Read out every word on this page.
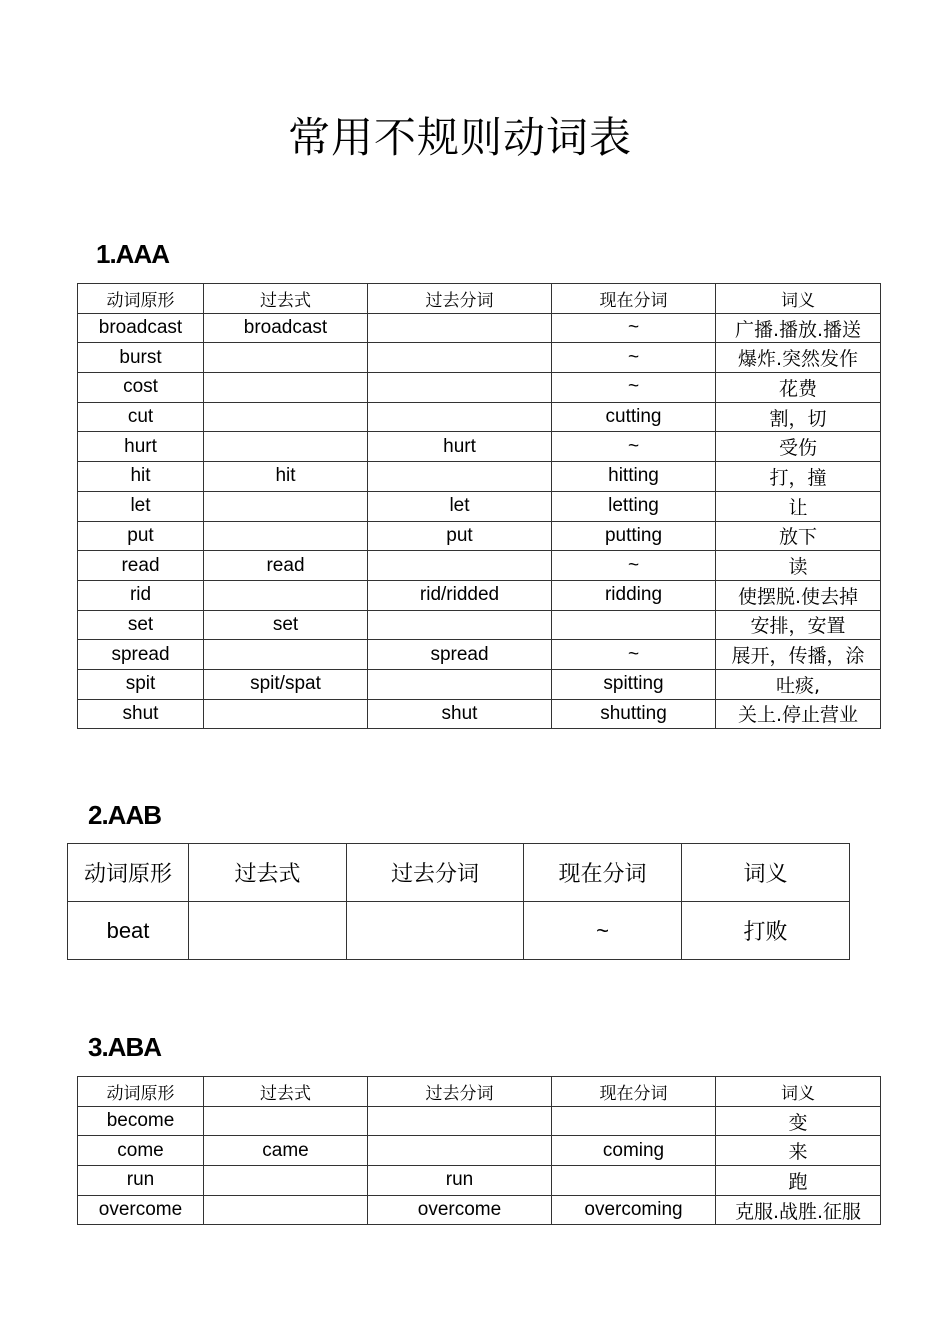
常用不规则动词表
1.AAA
动词原形	过去式	过去分词	现在分词	词义
broadcast	broadcast		~	广播.播放.播送
burst			~	爆炸.突然发作
cost			~	花费
cut			cutting	割，切
hurt		hurt	~	受伤
hit	hit		hitting	打，撞
let		let	letting	让
put		put	putting	放下
read	read		~	读
rid		rid/ridded	ridding	使摆脱.使去掉
set	set			安排，安置
spread		spread	~	展开，传播，涂
spit	spit/spat		spitting	吐痰,
shut		shut	shutting	关上.停止营业
2.AAB
动词原形	过去式	过去分词	现在分词	词义
beat			~	打败
3.ABA
动词原形	过去式	过去分词	现在分词	词义
become				变
come	came		coming	来
run		run		跑
overcome		overcome	overcoming	克服.战胜.征服
